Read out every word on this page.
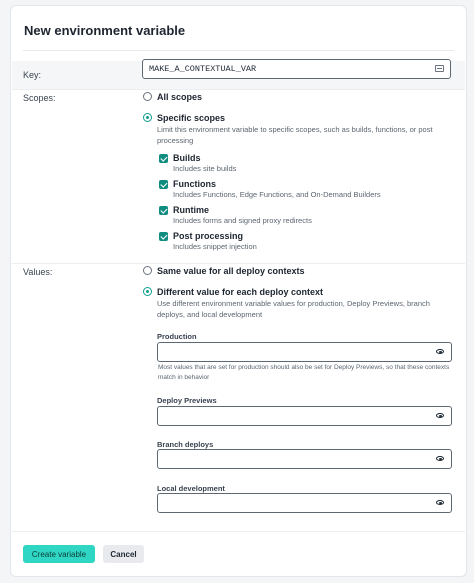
New environment variable
Key:
MAKE_A_CONTEXTUAL_VAR
Scopes:	All scopes
Specific scopes
Limit this environment variable to specific scopes, such as builds, functions, or post processing
Builds
Includes site builds
Functions
Includes Functions, Edge Functions, and On-Demand Builders
Runtime
Includes forms and signed proxy redirects
Post processing
Includes snippet injection
Values:	Same value for all deploy contexts
Different value for each deploy context
Use different environment variable values for production, Deploy Previews, branch deploys, and local development
Production
Most values that are set for production should also be set for Deploy Previews, so that these contexts match in behavior
Deploy Previews
Branch deploys
Local development
Create variable	Cancel
